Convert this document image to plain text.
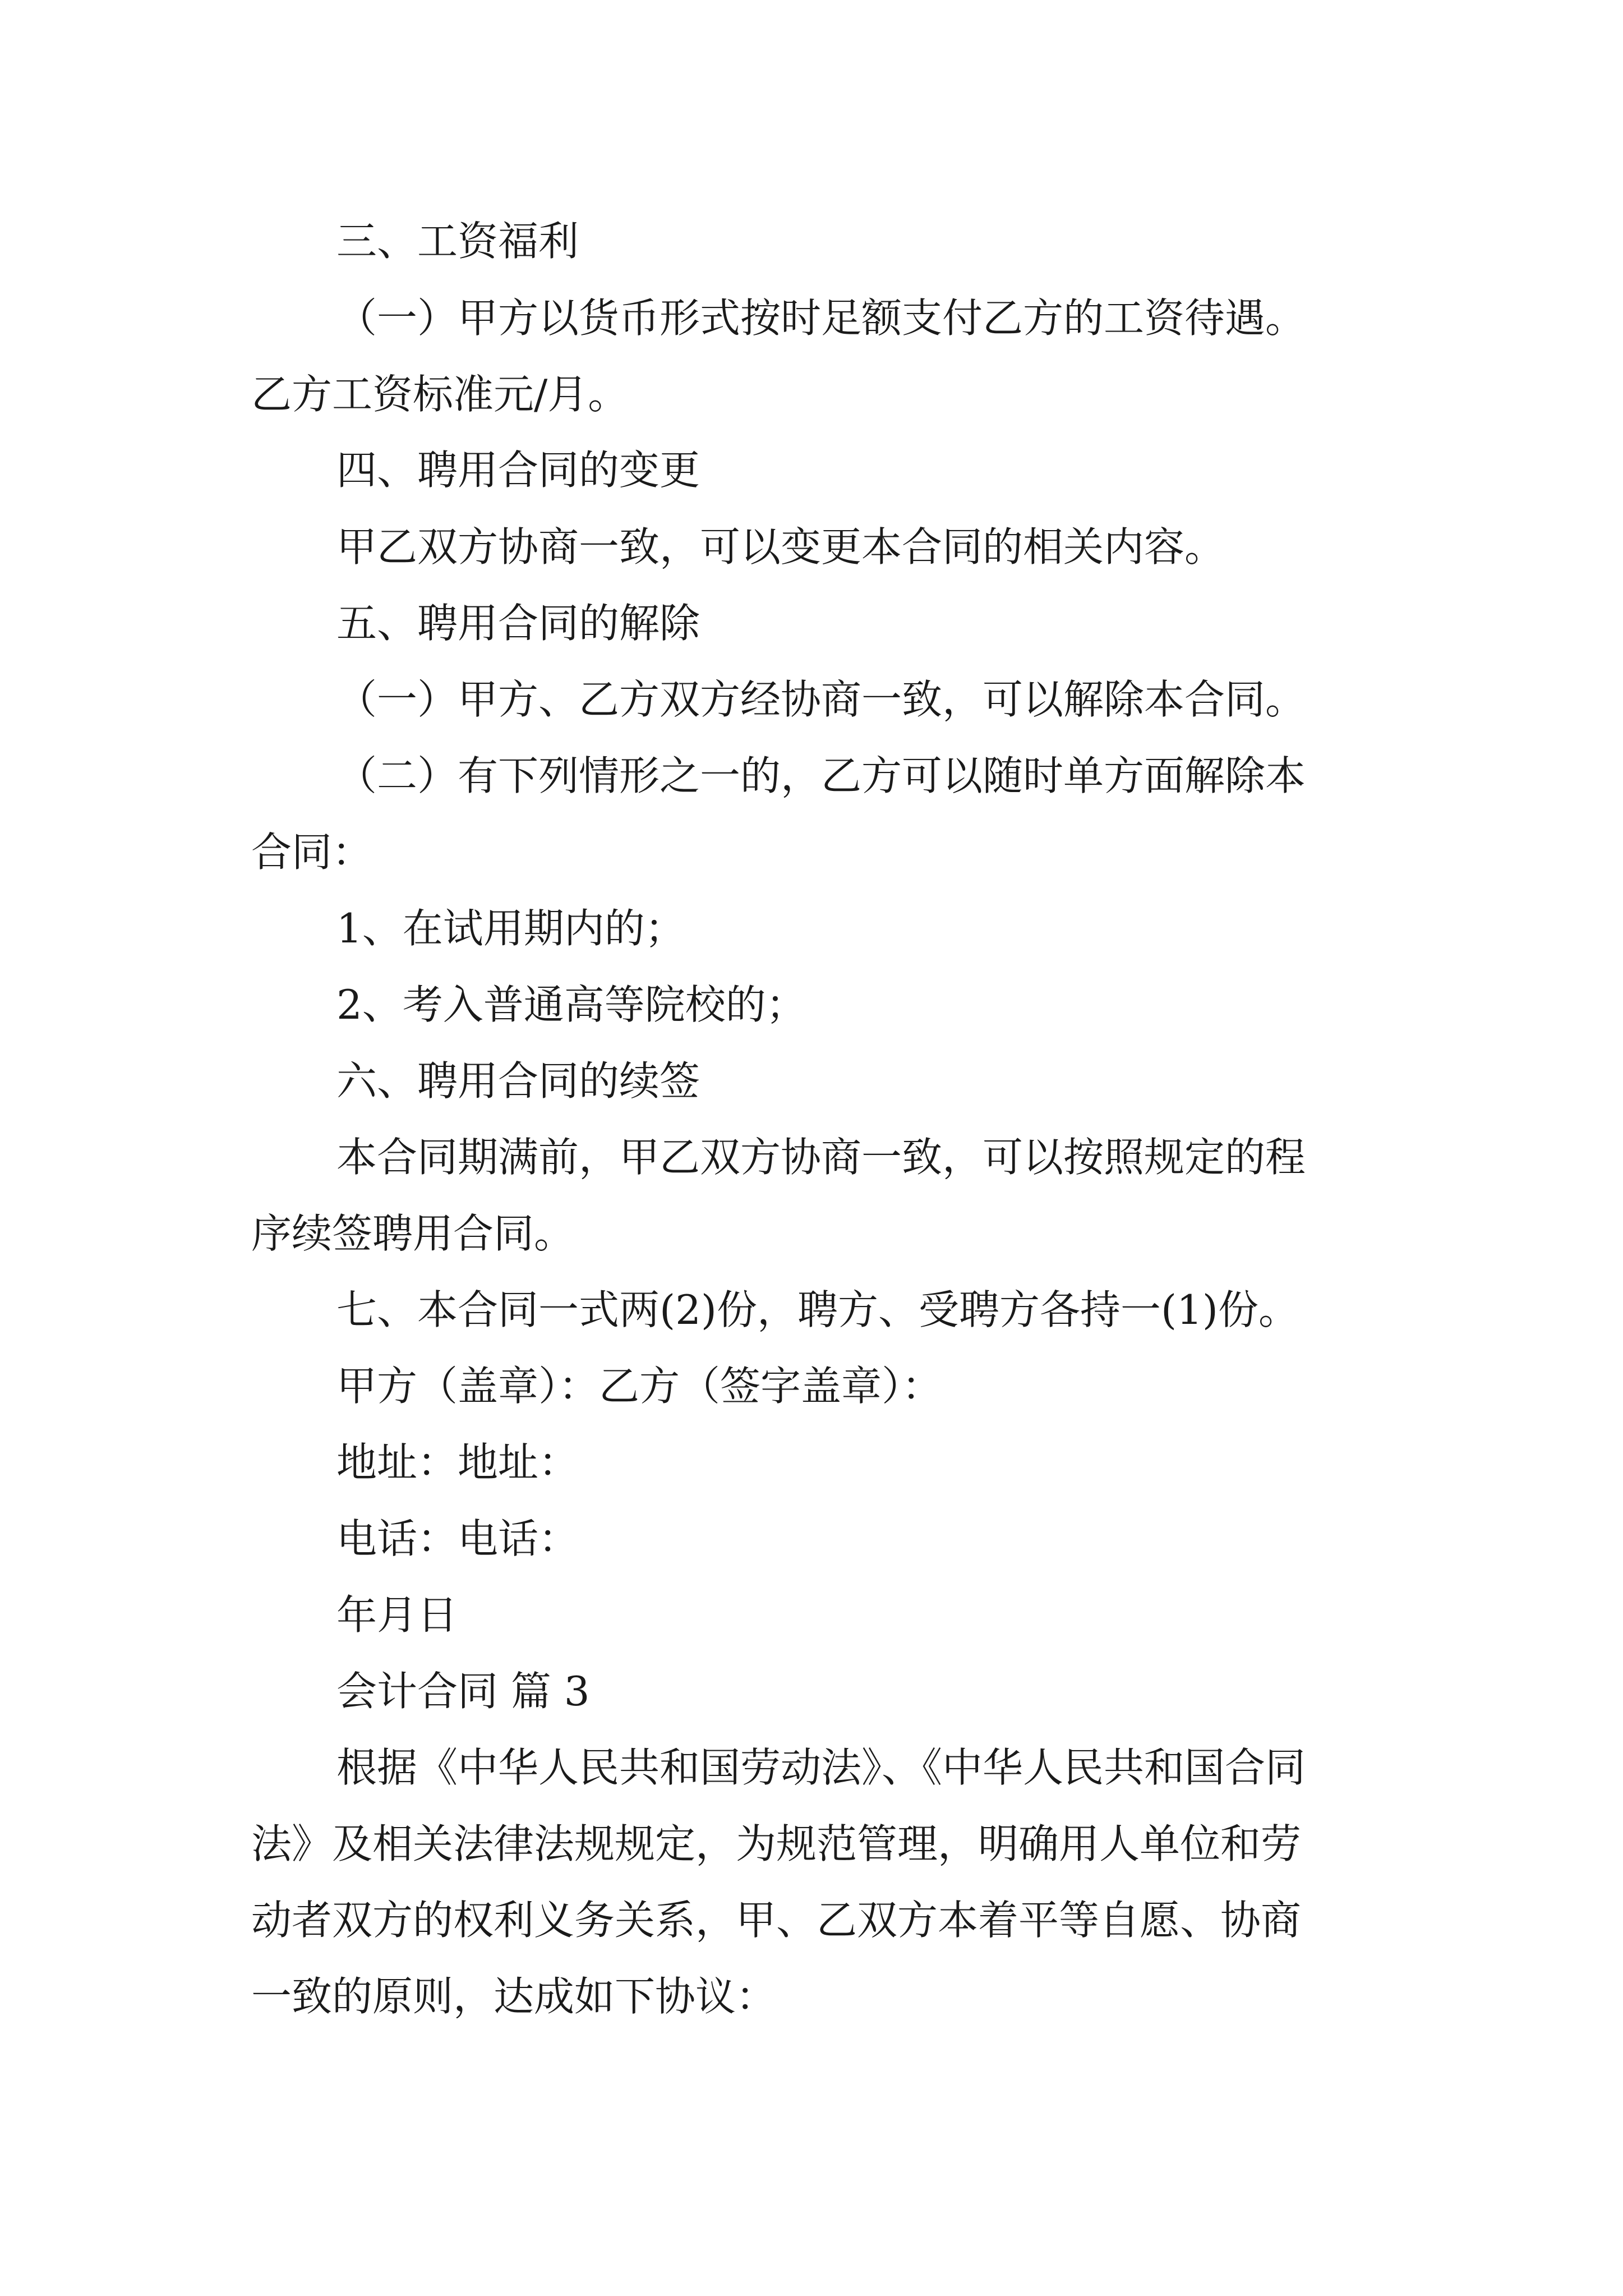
三、工资福利
（一）甲方以货币形式按时足额支付乙方的工资待遇。
乙方工资标准元/月。
四、聘用合同的变更
甲乙双方协商一致，可以变更本合同的相关内容。
五、聘用合同的解除
（一）甲方、乙方双方经协商一致，可以解除本合同。
（二）有下列情形之一的，乙方可以随时单方面解除本
合同：
1、在试用期内的；
2、考入普通高等院校的；
六、聘用合同的续签
本合同期满前，甲乙双方协商一致，可以按照规定的程
序续签聘用合同。
七、本合同一式两(2)份，聘方、受聘方各持一(1)份。
甲方（盖章）：乙方（签字盖章）：
地址：地址：
电话：电话：
年月日
会计合同 篇 3
根据《中华人民共和国劳动法》、《中华人民共和国合同
法》及相关法律法规规定，为规范管理，明确用人单位和劳
动者双方的权利义务关系，甲、乙双方本着平等自愿、协商
一致的原则，达成如下协议：
